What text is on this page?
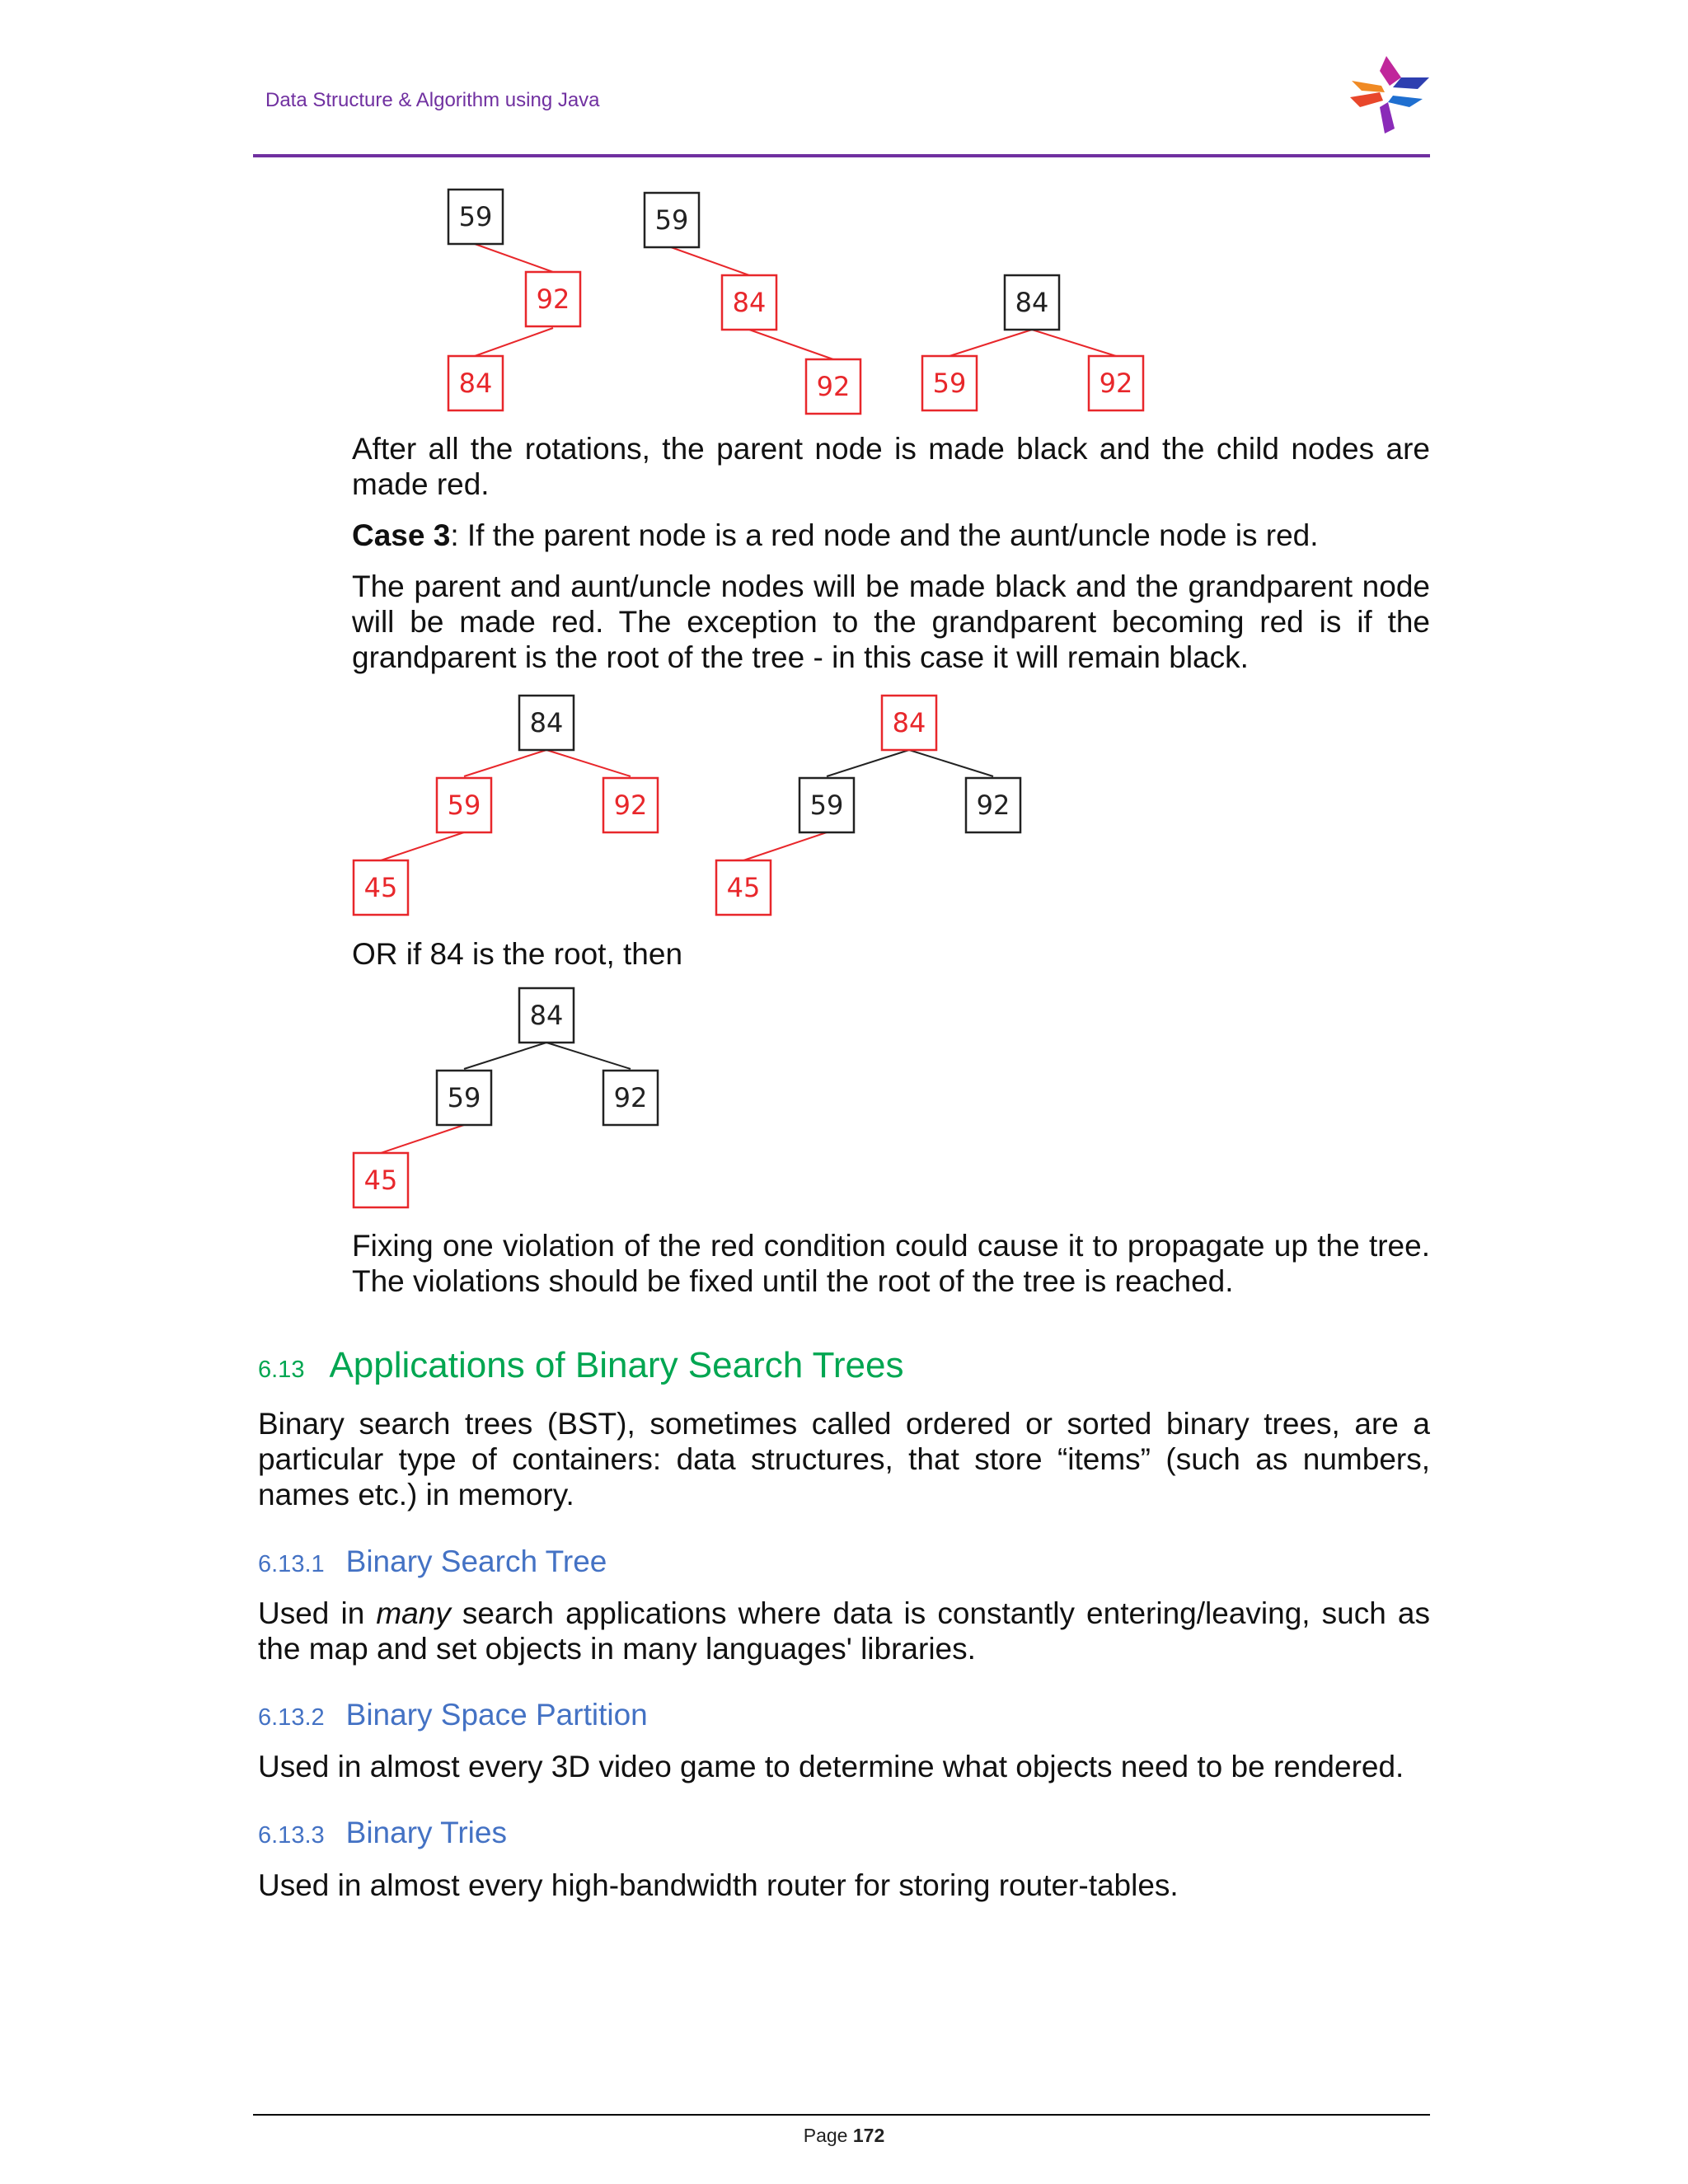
Data Structure & Algorithm using Java
59
92
84
59
84
92
84
59	92
After all the rotations, the parent node is made black and the child nodes are made red.
Case 3: If the parent node is a red node and the aunt/uncle node is red.
The parent and aunt/uncle nodes will be made black and the grandparent node will be made red. The exception to the grandparent becoming red is if the grandparent is the root of the tree - in this case it will remain black.
84
59	92
45
84
59	92
45
OR if 84 is the root, then
84
59	92
45
Fixing one violation of the red condition could cause it to propagate up the tree. The violations should be fixed until the root of the tree is reached.
6.13 Applications of Binary Search Trees
Binary search trees (BST), sometimes called ordered or sorted binary trees, are a particular type of containers: data structures, that store “items” (such as numbers, names etc.) in memory.
6.13.1 Binary Search Tree
Used in many search applications where data is constantly entering/leaving, such as the map and set objects in many languages' libraries.
6.13.2 Binary Space Partition
Used in almost every 3D video game to determine what objects need to be rendered.
6.13.3 Binary Tries
Used in almost every high-bandwidth router for storing router-tables.
Page 172
